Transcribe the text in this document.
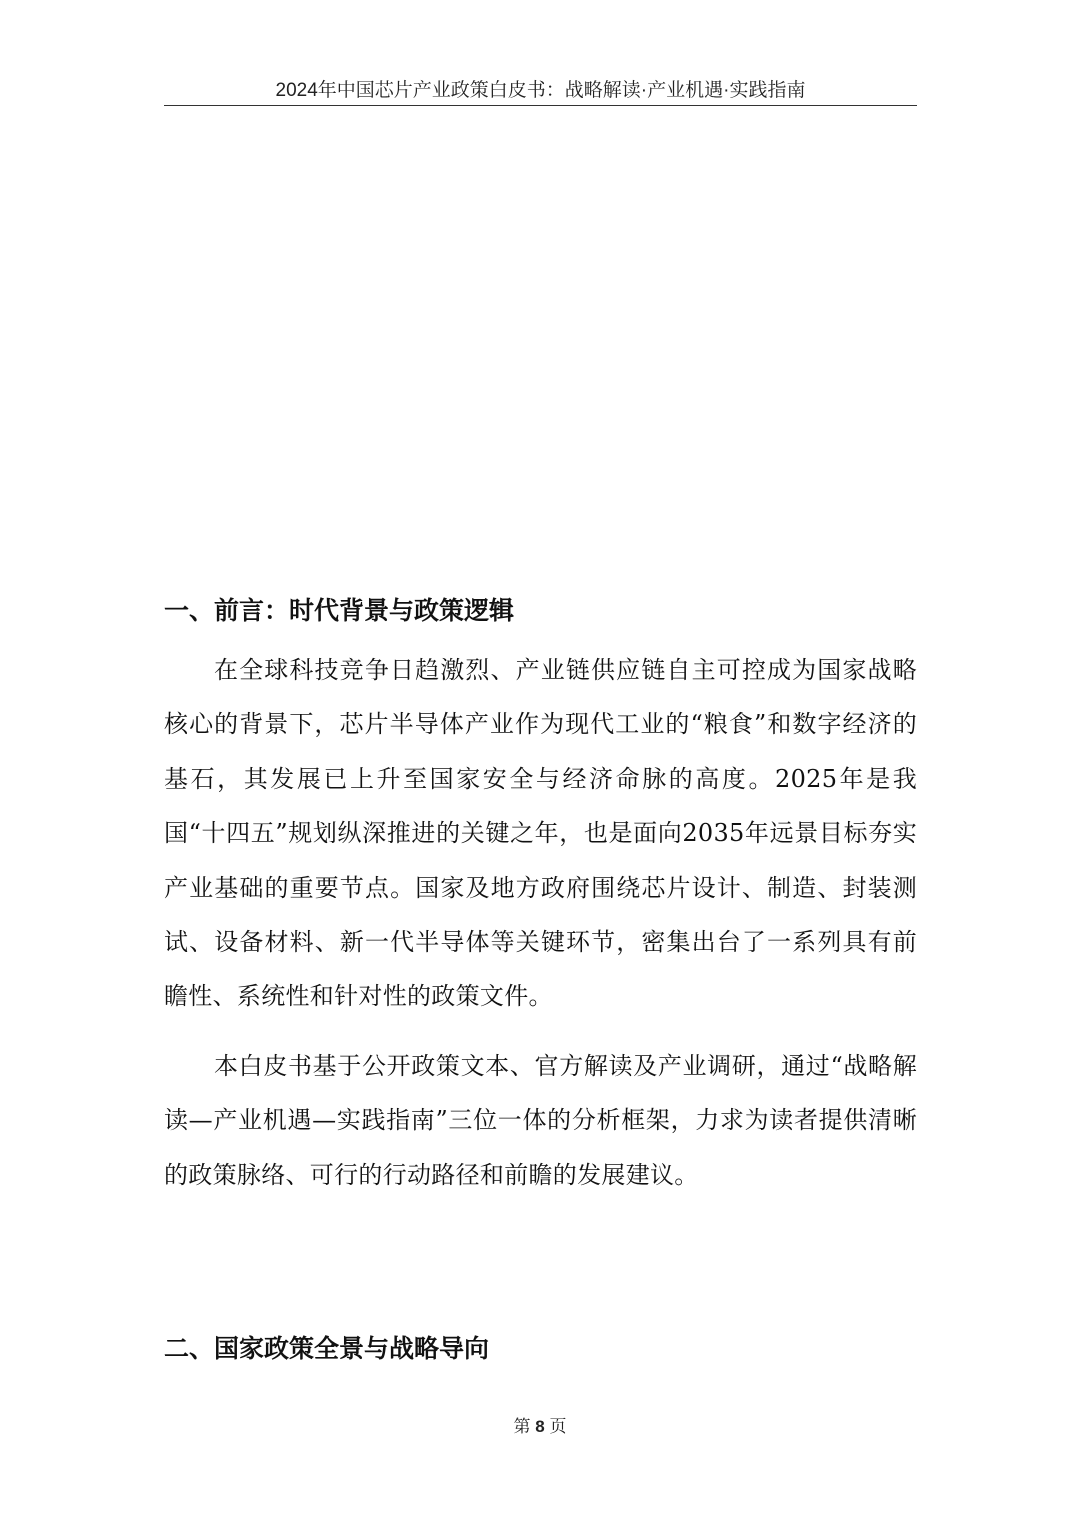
2024年中国芯片产业政策白皮书：战略解读·产业机遇·实践指南
一、前言：时代背景与政策逻辑

在全球科技竞争日趋激烈、产业链供应链自主可控成为国家战略核心的背景下，芯片半导体产业作为现代工业的“粮食”和数字经济的基石，其发展已上升至国家安全与经济命脉的高度。2025年是我国“十四五”规划纵深推进的关键之年，也是面向2035年远景目标夯实产业基础的重要节点。国家及地方政府围绕芯片设计、制造、封装测试、设备材料、新一代半导体等关键环节，密集出台了一系列具有前瞻性、系统性和针对性的政策文件。

本白皮书基于公开政策文本、官方解读及产业调研，通过“战略解读—产业机遇—实践指南”三位一体的分析框架，力求为读者提供清晰的政策脉络、可行的行动路径和前瞻的发展建议。

二、国家政策全景与战略导向
第 8 页
